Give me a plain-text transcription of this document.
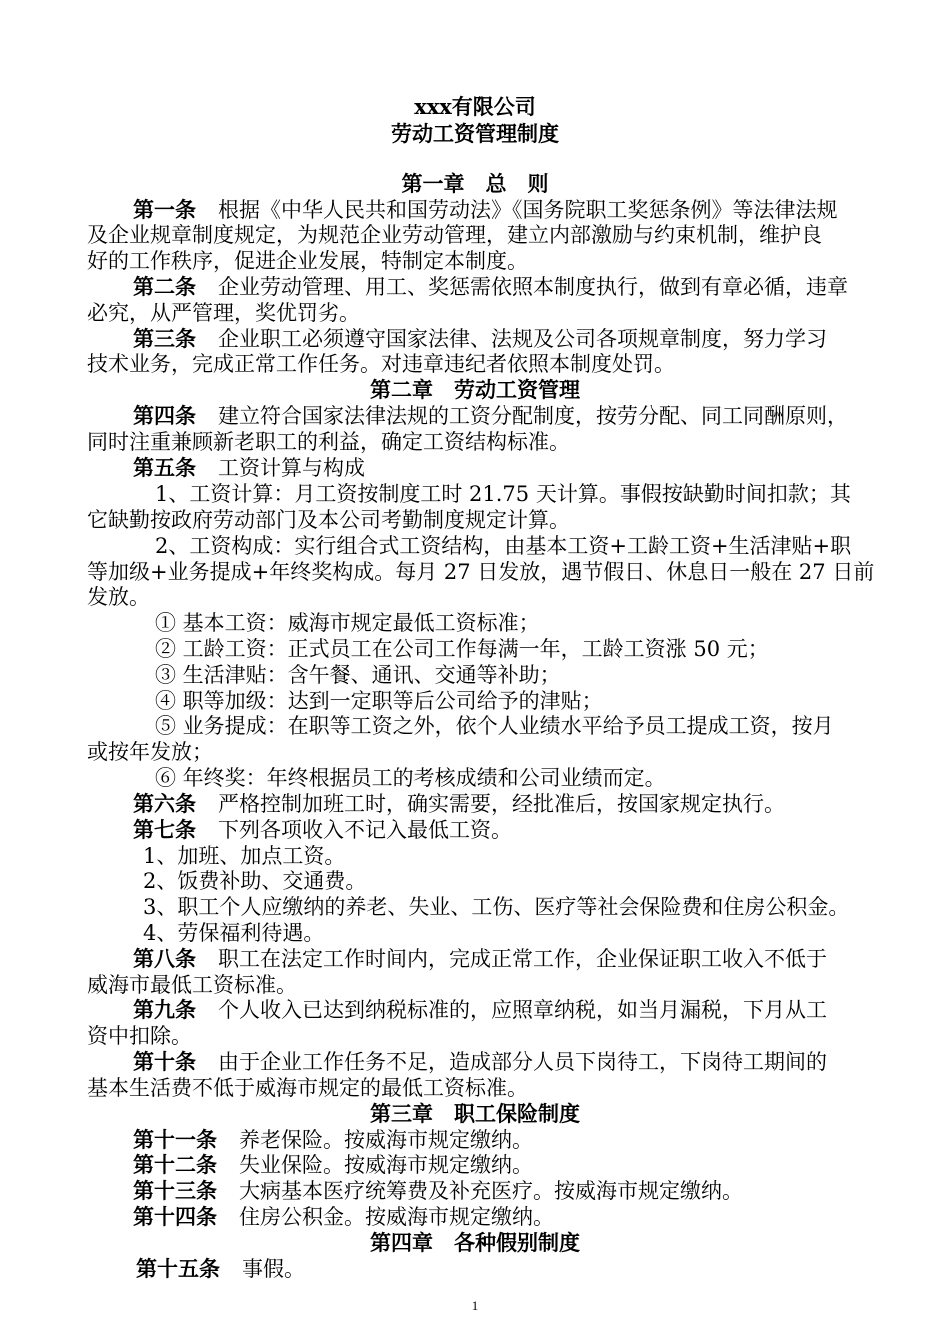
xxx有限公司
劳动工资管理制度
第一章　总　则
第一条 根据《中华人民共和国劳动法》《国务院职工奖惩条例》等法律法规
及企业规章制度规定，为规范企业劳动管理，建立内部激励与约束机制，维护良
好的工作秩序，促进企业发展，特制定本制度。
第二条 企业劳动管理、用工、奖惩需依照本制度执行，做到有章必循，违章
必究，从严管理，奖优罚劣。
第三条 企业职工必须遵守国家法律、法规及公司各项规章制度，努力学习
技术业务，完成正常工作任务。对违章违纪者依照本制度处罚。
第二章　劳动工资管理
第四条 建立符合国家法律法规的工资分配制度，按劳分配、同工同酬原则，
同时注重兼顾新老职工的利益，确定工资结构标准。
第五条 工资计算与构成
1、工资计算：月工资按制度工时 21.75 天计算。事假按缺勤时间扣款；其
它缺勤按政府劳动部门及本公司考勤制度规定计算。
2、工资构成：实行组合式工资结构，由基本工资+工龄工资+生活津贴+职
等加级+业务提成+年终奖构成。每月 27 日发放，遇节假日、休息日一般在 27 日前
发放。
① 基本工资：威海市规定最低工资标准；
② 工龄工资：正式员工在公司工作每满一年，工龄工资涨 50 元；
③ 生活津贴：含午餐、通讯、交通等补助；
④ 职等加级：达到一定职等后公司给予的津贴；
⑤ 业务提成：在职等工资之外，依个人业绩水平给予员工提成工资，按月
或按年发放；
⑥ 年终奖：年终根据员工的考核成绩和公司业绩而定。
第六条 严格控制加班工时，确实需要，经批准后，按国家规定执行。
第七条 下列各项收入不记入最低工资。
1、加班、加点工资。
2、饭费补助、交通费。
3、职工个人应缴纳的养老、失业、工伤、医疗等社会保险费和住房公积金。
4、劳保福利待遇。
第八条 职工在法定工作时间内，完成正常工作，企业保证职工收入不低于
威海市最低工资标准。
第九条 个人收入已达到纳税标准的，应照章纳税，如当月漏税，下月从工
资中扣除。
第十条 由于企业工作任务不足，造成部分人员下岗待工，下岗待工期间的
基本生活费不低于威海市规定的最低工资标准。
第三章　职工保险制度
第十一条 养老保险。按威海市规定缴纳。
第十二条 失业保险。按威海市规定缴纳。
第十三条 大病基本医疗统筹费及补充医疗。按威海市规定缴纳。
第十四条 住房公积金。按威海市规定缴纳。
第四章　各种假别制度
第十五条 事假。
1
